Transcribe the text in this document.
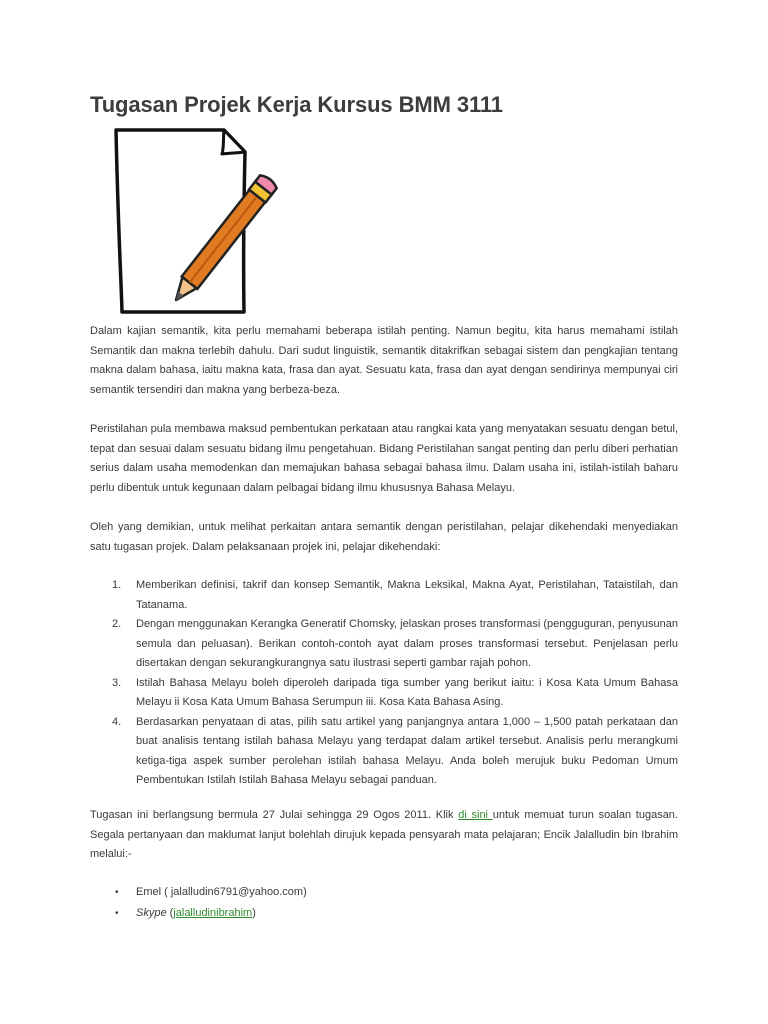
Tugasan Projek Kerja Kursus BMM 3111

Dalam kajian semantik, kita perlu memahami beberapa istilah penting. Namun begitu, kita harus memahami istilah Semantik dan makna terlebih dahulu. Dari sudut linguistik, semantik ditakrifkan sebagai sistem dan pengkajian tentang makna dalam bahasa, iaitu makna kata, frasa dan ayat. Sesuatu kata, frasa dan ayat dengan sendirinya mempunyai ciri semantik tersendiri dan makna yang berbeza-beza.

Peristilahan pula membawa maksud pembentukan perkataan atau rangkai kata yang menyatakan sesuatu dengan betul, tepat dan sesuai dalam sesuatu bidang ilmu pengetahuan. Bidang Peristilahan sangat penting dan perlu diberi perhatian serius dalam usaha memodenkan dan memajukan bahasa sebagai bahasa ilmu. Dalam usaha ini, istilah-istilah baharu perlu dibentuk untuk kegunaan dalam pelbagai bidang ilmu khususnya Bahasa Melayu.

Oleh yang demikian, untuk melihat perkaitan antara semantik dengan peristilahan, pelajar dikehendaki menyediakan satu tugasan projek. Dalam pelaksanaan projek ini, pelajar dikehendaki:

1. Memberikan definisi, takrif dan konsep Semantik, Makna Leksikal, Makna Ayat, Peristilahan, Tataistilah, dan Tatanama.
2. Dengan menggunakan Kerangka Generatif Chomsky, jelaskan proses transformasi (pengguguran, penyusunan semula dan peluasan). Berikan contoh-contoh ayat dalam proses transformasi tersebut. Penjelasan perlu disertakan dengan sekurangkurangnya satu ilustrasi seperti gambar rajah pohon.
3. Istilah Bahasa Melayu boleh diperoleh daripada tiga sumber yang berikut iaitu: i Kosa Kata Umum Bahasa Melayu ii Kosa Kata Umum Bahasa Serumpun iii. Kosa Kata Bahasa Asing.
4. Berdasarkan penyataan di atas, pilih satu artikel yang panjangnya antara 1,000 – 1,500 patah perkataan dan buat analisis tentang istilah bahasa Melayu yang terdapat dalam artikel tersebut. Analisis perlu merangkumi ketiga-tiga aspek sumber perolehan istilah bahasa Melayu. Anda boleh merujuk buku Pedoman Umum Pembentukan Istilah Istilah Bahasa Melayu sebagai panduan.

Tugasan ini berlangsung bermula 27 Julai sehingga 29 Ogos 2011. Klik di sini untuk memuat turun soalan tugasan. Segala pertanyaan dan maklumat lanjut bolehlah dirujuk kepada pensyarah mata pelajaran; Encik Jalalludin bin Ibrahim melalui:-

• Emel ( jalalludin6791@yahoo.com)
• Skype (jalalludinibrahim)
